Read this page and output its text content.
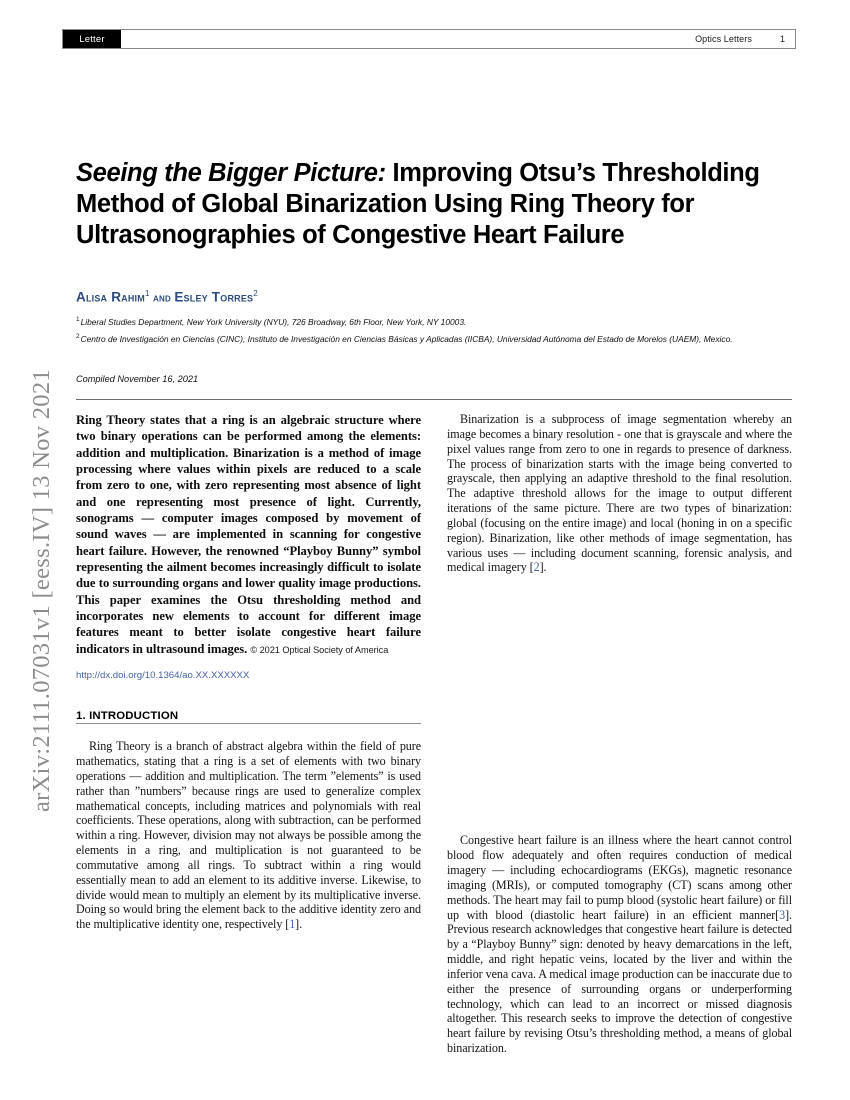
arXiv:2111.07031v1 [eess.IV] 13 Nov 2021
Letter	Optics Letters	1
Seeing the Bigger Picture: Improving Otsu’s Thresholding Method of Global Binarization Using Ring Theory for Ultrasonographies of Congestive Heart Failure
Alisa Rahim$^1$ and Esley Torres$^2$
$^1$Liberal Studies Department, New York University (NYU), 726 Broadway, 6th Floor, New York, NY 10003.
$^2$Centro de Investigación en Ciencias (CINC), Instituto de Investigación en Ciencias Básicas y Aplicadas (IICBA), Universidad Autónoma del Estado de Morelos (UAEM), Mexico.
Compiled November 16, 2021
Ring Theory states that a ring is an algebraic structure where two binary operations can be performed among the elements: addition and multiplication. Binarization is a method of image processing where values within pixels are reduced to a scale from zero to one, with zero representing most absence of light and one representing most presence of light. Currently, sonograms — computer images composed by movement of sound waves — are implemented in scanning for congestive heart failure. However, the renowned “Playboy Bunny” symbol representing the ailment becomes increasingly difficult to isolate due to surrounding organs and lower quality image productions. This paper examines the Otsu thresholding method and incorporates new elements to account for different image features meant to better isolate congestive heart failure indicators in ultrasound images. © 2021 Optical Society of America
http://dx.doi.org/10.1364/ao.XX.XXXXXX
1. INTRODUCTION

Ring Theory is a branch of abstract algebra within the field of pure mathematics, stating that a ring is a set of elements with two binary operations — addition and multiplication. The term ”elements” is used rather than ”numbers” because rings are used to generalize complex mathematical concepts, including matrices and polynomials with real coefficients. These operations, along with subtraction, can be performed within a ring. However, division may not always be possible among the elements in a ring, and multiplication is not guaranteed to be commutative among all rings. To subtract within a ring would essentially mean to add an element to its additive inverse. Likewise, to divide would mean to multiply an element by its multiplicative inverse. Doing so would bring the element back to the additive identity zero and the multiplicative identity one, respectively [1].

Binarization is a subprocess of image segmentation whereby an image becomes a binary resolution - one that is grayscale and where the pixel values range from zero to one in regards to presence of darkness. The process of binarization starts with the image being converted to grayscale, then applying an adaptive threshold to the final resolution. The adaptive threshold allows for the image to output different iterations of the same picture. There are two types of binarization: global (focusing on the entire image) and local (honing in on a specific region). Binarization, like other methods of image segmentation, has various uses — including document scanning, forensic analysis, and medical imagery [2].

Congestive heart failure is an illness where the heart cannot control blood flow adequately and often requires conduction of medical imagery — including echocardiograms (EKGs), magnetic resonance imaging (MRIs), or computed tomography (CT) scans among other methods. The heart may fail to pump blood (systolic heart failure) or fill up with blood (diastolic heart failure) in an efficient manner[3]. Previous research acknowledges that congestive heart failure is detected by a “Playboy Bunny” sign: denoted by heavy demarcations in the left, middle, and right hepatic veins, located by the liver and within the inferior vena cava. A medical image production can be inaccurate due to either the presence of surrounding organs or underperforming technology, which can lead to an incorrect or missed diagnosis altogether. This research seeks to improve the detection of congestive heart failure by revising Otsu’s thresholding method, a means of global binarization.
